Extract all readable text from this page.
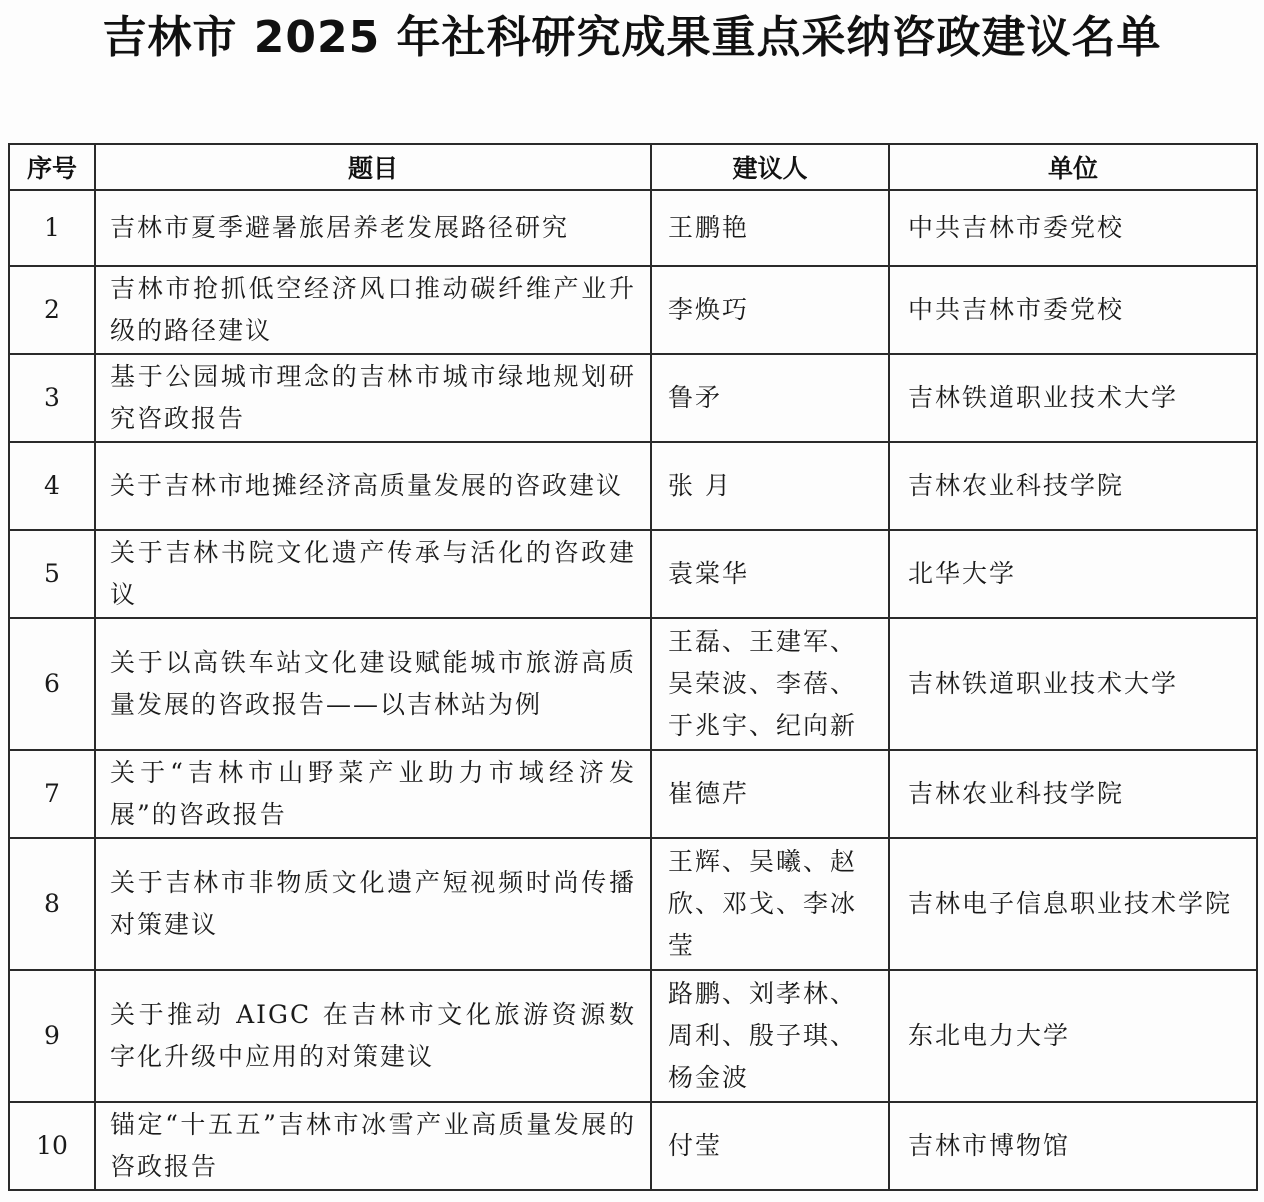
吉林市 2025 年社科研究成果重点采纳咨政建议名单
序号	题目	建议人	单位
1	吉林市夏季避暑旅居养老发展路径研究	王鹏艳	中共吉林市委党校
2	吉林市抢抓低空经济风口推动碳纤维产业升级的路径建议	李焕巧	中共吉林市委党校
3	基于公园城市理念的吉林市城市绿地规划研究咨政报告	鲁矛	吉林铁道职业技术大学
4	关于吉林市地摊经济高质量发展的咨政建议	张 月	吉林农业科技学院
5	关于吉林书院文化遗产传承与活化的咨政建议	袁棠华	北华大学
6	关于以高铁车站文化建设赋能城市旅游高质量发展的咨政报告——以吉林站为例	王磊、王建军、吴荣波、李蓓、于兆宇、纪向新	吉林铁道职业技术大学
7	关于“吉林市山野菜产业助力市域经济发展”的咨政报告	崔德芹	吉林农业科技学院
8	关于吉林市非物质文化遗产短视频时尚传播对策建议	王辉、吴曦、赵欣、邓戈、李冰莹	吉林电子信息职业技术学院
9	关于推动 AIGC 在吉林市文化旅游资源数字化升级中应用的对策建议	路鹏、刘孝林、周利、殷子琪、杨金波	东北电力大学
10	锚定“十五五”吉林市冰雪产业高质量发展的咨政报告	付莹	吉林市博物馆
